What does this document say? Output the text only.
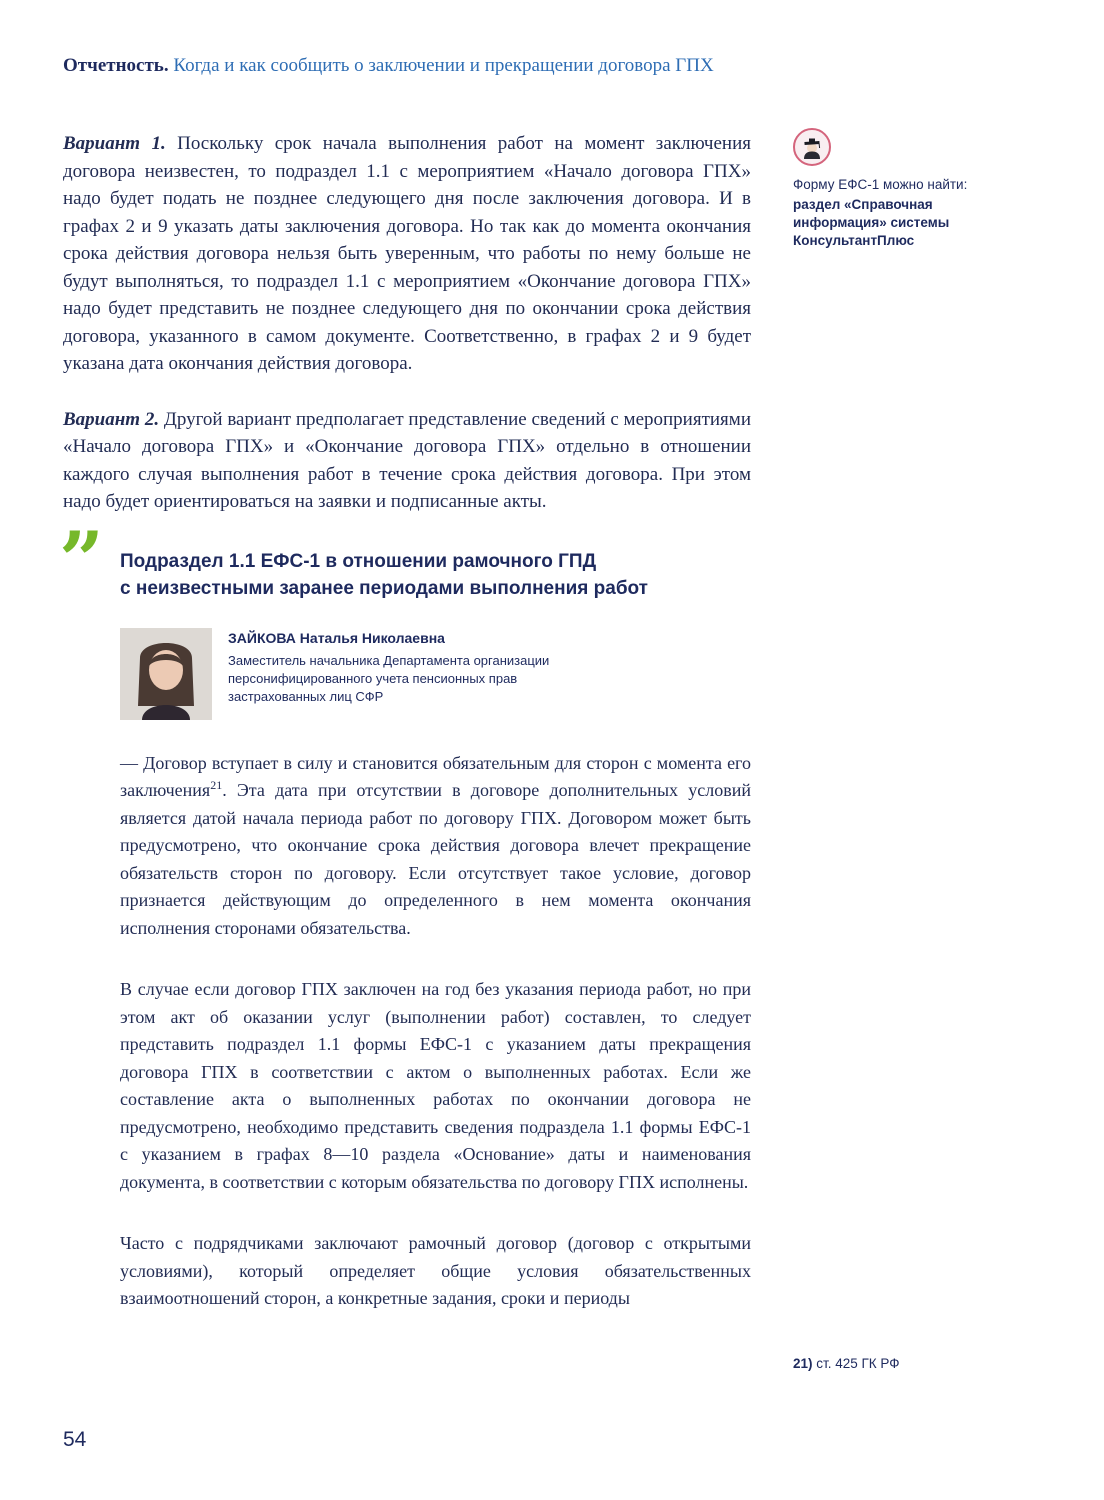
Отчетность. Когда и как сообщить о заключении и прекращении договора ГПХ
Форму ЕФС-1 можно найти:
раздел «Справочная информация» системы КонсультантПлюс

Вариант 1. Поскольку срок начала выполнения работ на момент заключения договора неизвестен, то подраздел 1.1 с мероприятием «Начало договора ГПХ» надо будет подать не позднее следующего дня после заключения договора. И в графах 2 и 9 указать даты заключения договора. Но так как до момента окончания срока действия договора нельзя быть уверенным, что работы по нему больше не будут выполняться, то подраздел 1.1 с мероприятием «Окончание договора ГПХ» надо будет представить не позднее следующего дня по окончании срока действия договора, указанного в самом документе. Соответственно, в графах 2 и 9 будет указана дата окончания действия договора.

Вариант 2. Другой вариант предполагает представление сведений с мероприятиями «Начало договора ГПХ» и «Окончание договора ГПХ» отдельно в отношении каждого случая выполнения работ в течение срока действия договора. При этом надо будет ориентироваться на заявки и подписанные акты.

” Подраздел 1.1 ЕФС-1 в отношении рамочного ГПД
с неизвестными заранее периодами выполнения работ
ЗАЙКОВА Наталья Николаевна
Заместитель начальника Департамента организации персонифицированного учета пенсионных прав застрахованных лиц СФР

— Договор вступает в силу и становится обязательным для сторон с момента его заключения$^{21}$. Эта дата при отсутствии в договоре дополнительных условий является датой начала периода работ по договору ГПХ. Договором может быть предусмотрено, что окончание срока действия договора влечет прекращение обязательств сторон по договору. Если отсутствует такое условие, договор признается действующим до определенного в нем момента окончания исполнения сторонами обязательства.

В случае если договор ГПХ заключен на год без указания периода работ, но при этом акт об оказании услуг (выполнении работ) составлен, то следует представить подраздел 1.1 формы ЕФС-1 с указанием даты прекращения договора ГПХ в соответствии с актом о выполненных работах. Если же составление акта о выполненных работах по окончании договора не предусмотрено, необходимо представить сведения подраздела 1.1 формы ЕФС-1 с указанием в графах 8—10 раздела «Основание» даты и наименования документа, в соответствии с которым обязательства по договору ГПХ исполнены.

Часто с подрядчиками заключают рамочный договор (договор с открытыми условиями), который определяет общие условия обязательственных взаимоотношений сторон, а конкретные задания, сроки и периоды

21) ст. 425 ГК РФ
54
